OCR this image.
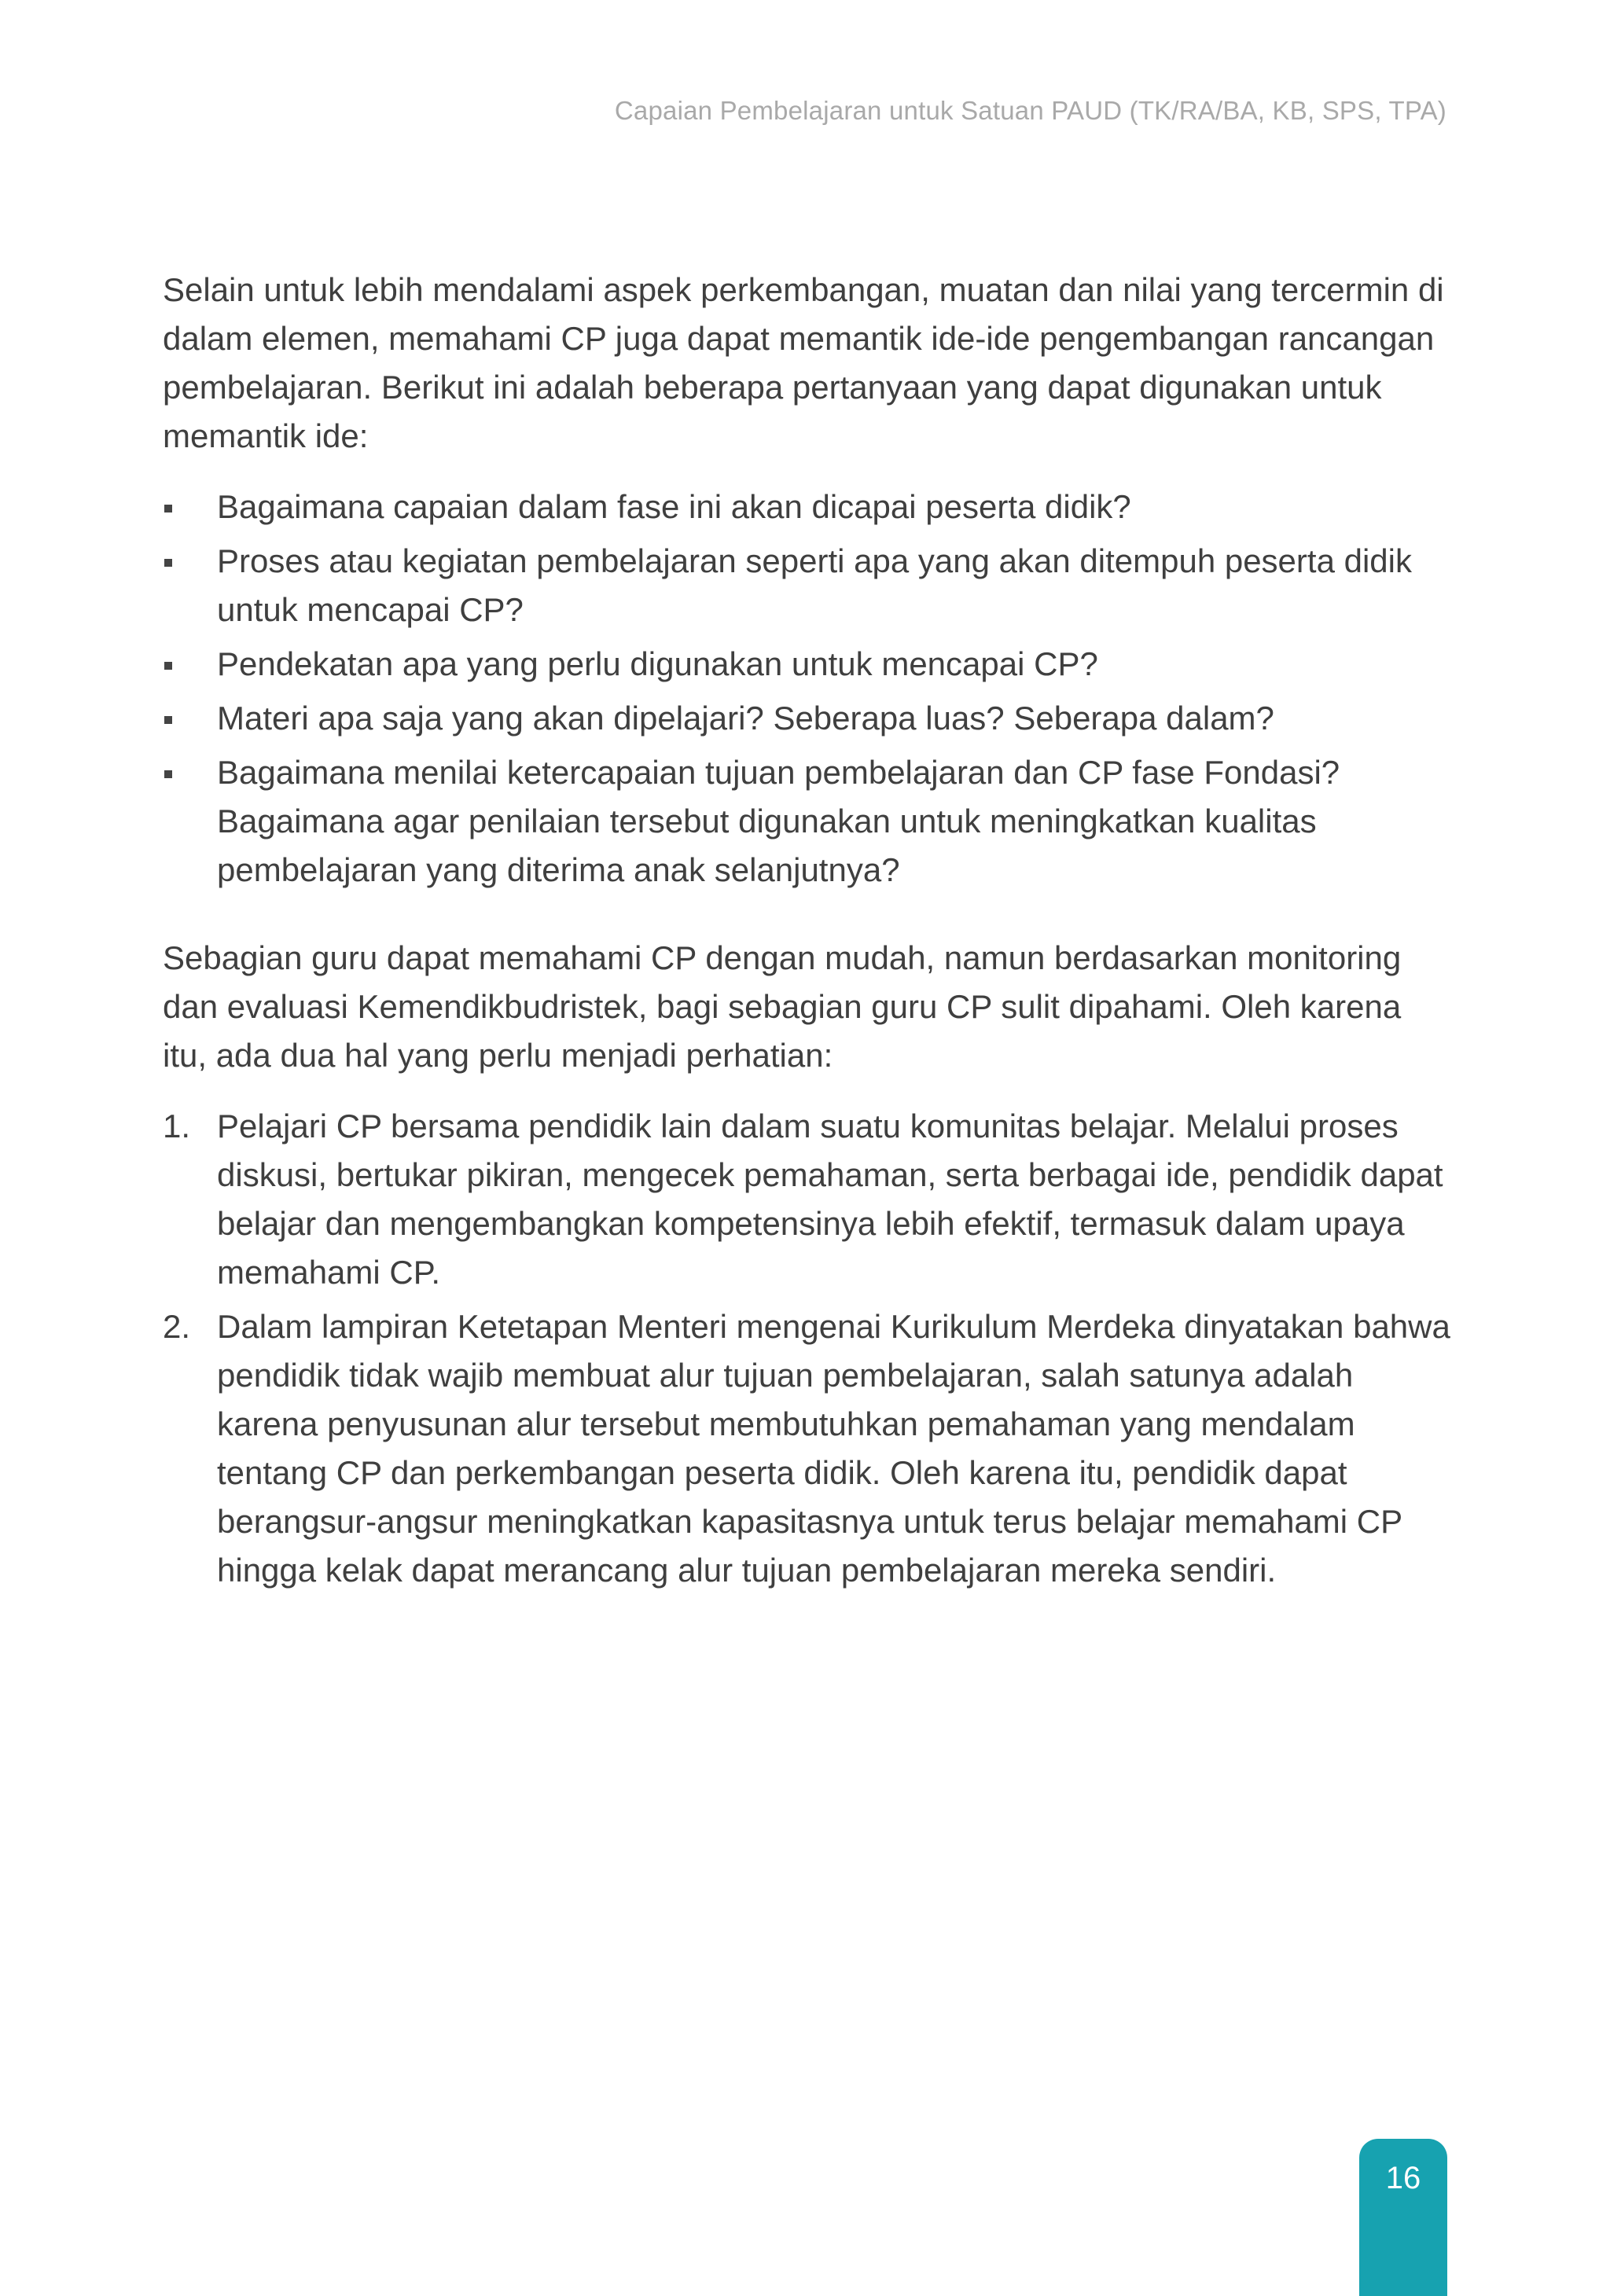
Capaian Pembelajaran untuk Satuan PAUD (TK/RA/BA, KB, SPS, TPA)

Selain untuk lebih mendalami aspek perkembangan, muatan dan nilai yang tercermin di dalam elemen, memahami CP juga dapat memantik ide-ide pengembangan rancangan pembelajaran. Berikut ini adalah beberapa pertanyaan yang dapat digunakan untuk memantik ide:

Bagaimana capaian dalam fase ini akan dicapai peserta didik?
Proses atau kegiatan pembelajaran seperti apa yang akan ditempuh peserta didik untuk mencapai CP?
Pendekatan apa yang perlu digunakan untuk mencapai CP?
Materi apa saja yang akan dipelajari? Seberapa luas? Seberapa dalam?
Bagaimana menilai ketercapaian tujuan pembelajaran dan CP fase Fondasi? Bagaimana agar penilaian tersebut digunakan untuk meningkatkan kualitas pembelajaran yang diterima anak selanjutnya?

Sebagian guru dapat memahami CP dengan mudah, namun berdasarkan monitoring dan evaluasi Kemendikbudristek, bagi sebagian guru CP sulit dipahami. Oleh karena itu, ada dua hal yang perlu menjadi perhatian:

1. Pelajari CP bersama pendidik lain dalam suatu komunitas belajar. Melalui proses diskusi, bertukar pikiran, mengecek pemahaman, serta berbagai ide, pendidik dapat belajar dan mengembangkan kompetensinya lebih efektif, termasuk dalam upaya memahami CP.
2. Dalam lampiran Ketetapan Menteri mengenai Kurikulum Merdeka dinyatakan bahwa pendidik tidak wajib membuat alur tujuan pembelajaran, salah satunya adalah karena penyusunan alur tersebut membutuhkan pemahaman yang mendalam tentang CP dan perkembangan peserta didik. Oleh karena itu, pendidik dapat berangsur-angsur meningkatkan kapasitasnya untuk terus belajar memahami CP hingga kelak dapat merancang alur tujuan pembelajaran mereka sendiri.
16
